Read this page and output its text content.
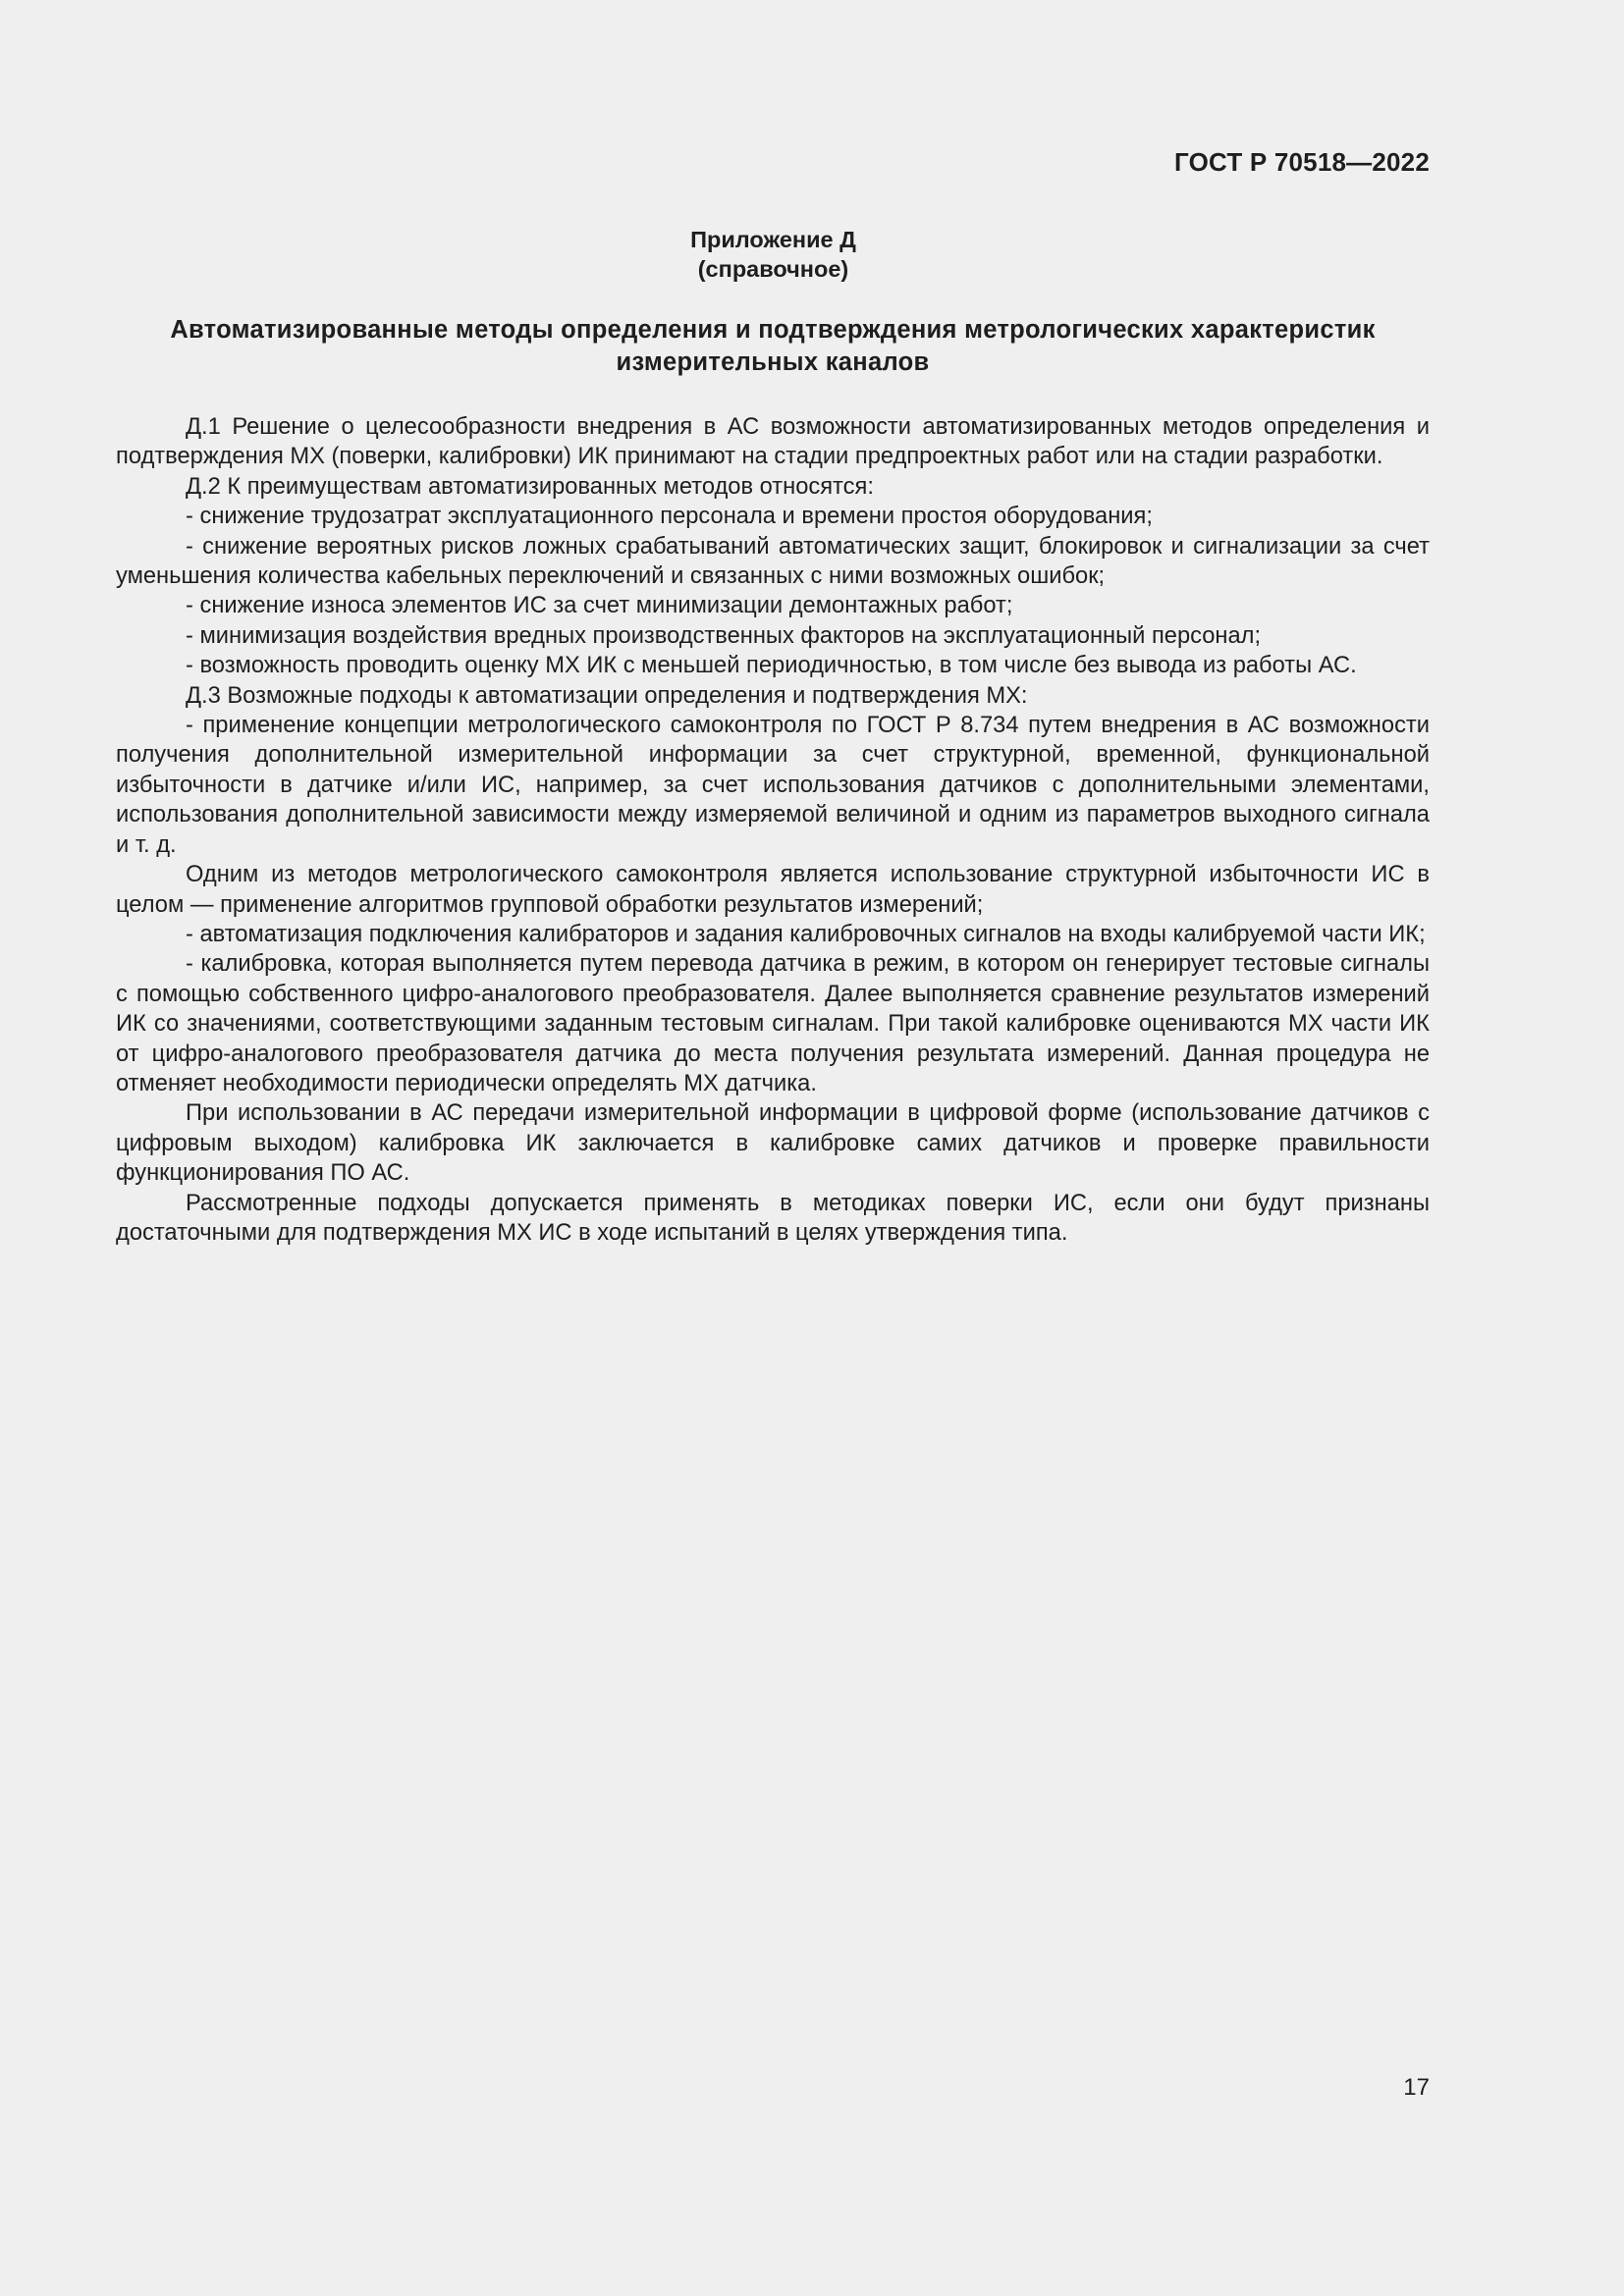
ГОСТ Р 70518—2022
Приложение Д
(справочное)
Автоматизированные методы определения и подтверждения метрологических характеристик измерительных каналов

Д.1 Решение о целесообразности внедрения в АС возможности автоматизированных методов определения и подтверждения МХ (поверки, калибровки) ИК принимают на стадии предпроектных работ или на стадии разработки.

Д.2 К преимуществам автоматизированных методов относятся:

- снижение трудозатрат эксплуатационного персонала и времени простоя оборудования;

- снижение вероятных рисков ложных срабатываний автоматических защит, блокировок и сигнализации за счет уменьшения количества кабельных переключений и связанных с ними возможных ошибок;

- снижение износа элементов ИС за счет минимизации демонтажных работ;

- минимизация воздействия вредных производственных факторов на эксплуатационный персонал;

- возможность проводить оценку МХ ИК с меньшей периодичностью, в том числе без вывода из работы АС.

Д.3 Возможные подходы к автоматизации определения и подтверждения МХ:

- применение концепции метрологического самоконтроля по ГОСТ Р 8.734 путем внедрения в АС возможности получения дополнительной измерительной информации за счет структурной, временной, функциональной избыточности в датчике и/или ИС, например, за счет использования датчиков с дополнительными элементами, использования дополнительной зависимости между измеряемой величиной и одним из параметров выходного сигнала и т. д.

Одним из методов метрологического самоконтроля является использование структурной избыточности ИС в целом — применение алгоритмов групповой обработки результатов измерений;

- автоматизация подключения калибраторов и задания калибровочных сигналов на входы калибруемой части ИК;

- калибровка, которая выполняется путем перевода датчика в режим, в котором он генерирует тестовые сигналы с помощью собственного цифро-аналогового преобразователя. Далее выполняется сравнение результатов измерений ИК со значениями, соответствующими заданным тестовым сигналам. При такой калибровке оцениваются МХ части ИК от цифро-аналогового преобразователя датчика до места получения результата измерений. Данная процедура не отменяет необходимости периодически определять МХ датчика.

При использовании в АС передачи измерительной информации в цифровой форме (использование датчиков с цифровым выходом) калибровка ИК заключается в калибровке самих датчиков и проверке правильности функционирования ПО АС.

Рассмотренные подходы допускается применять в методиках поверки ИС, если они будут признаны достаточными для подтверждения МХ ИС в ходе испытаний в целях утверждения типа.

17
